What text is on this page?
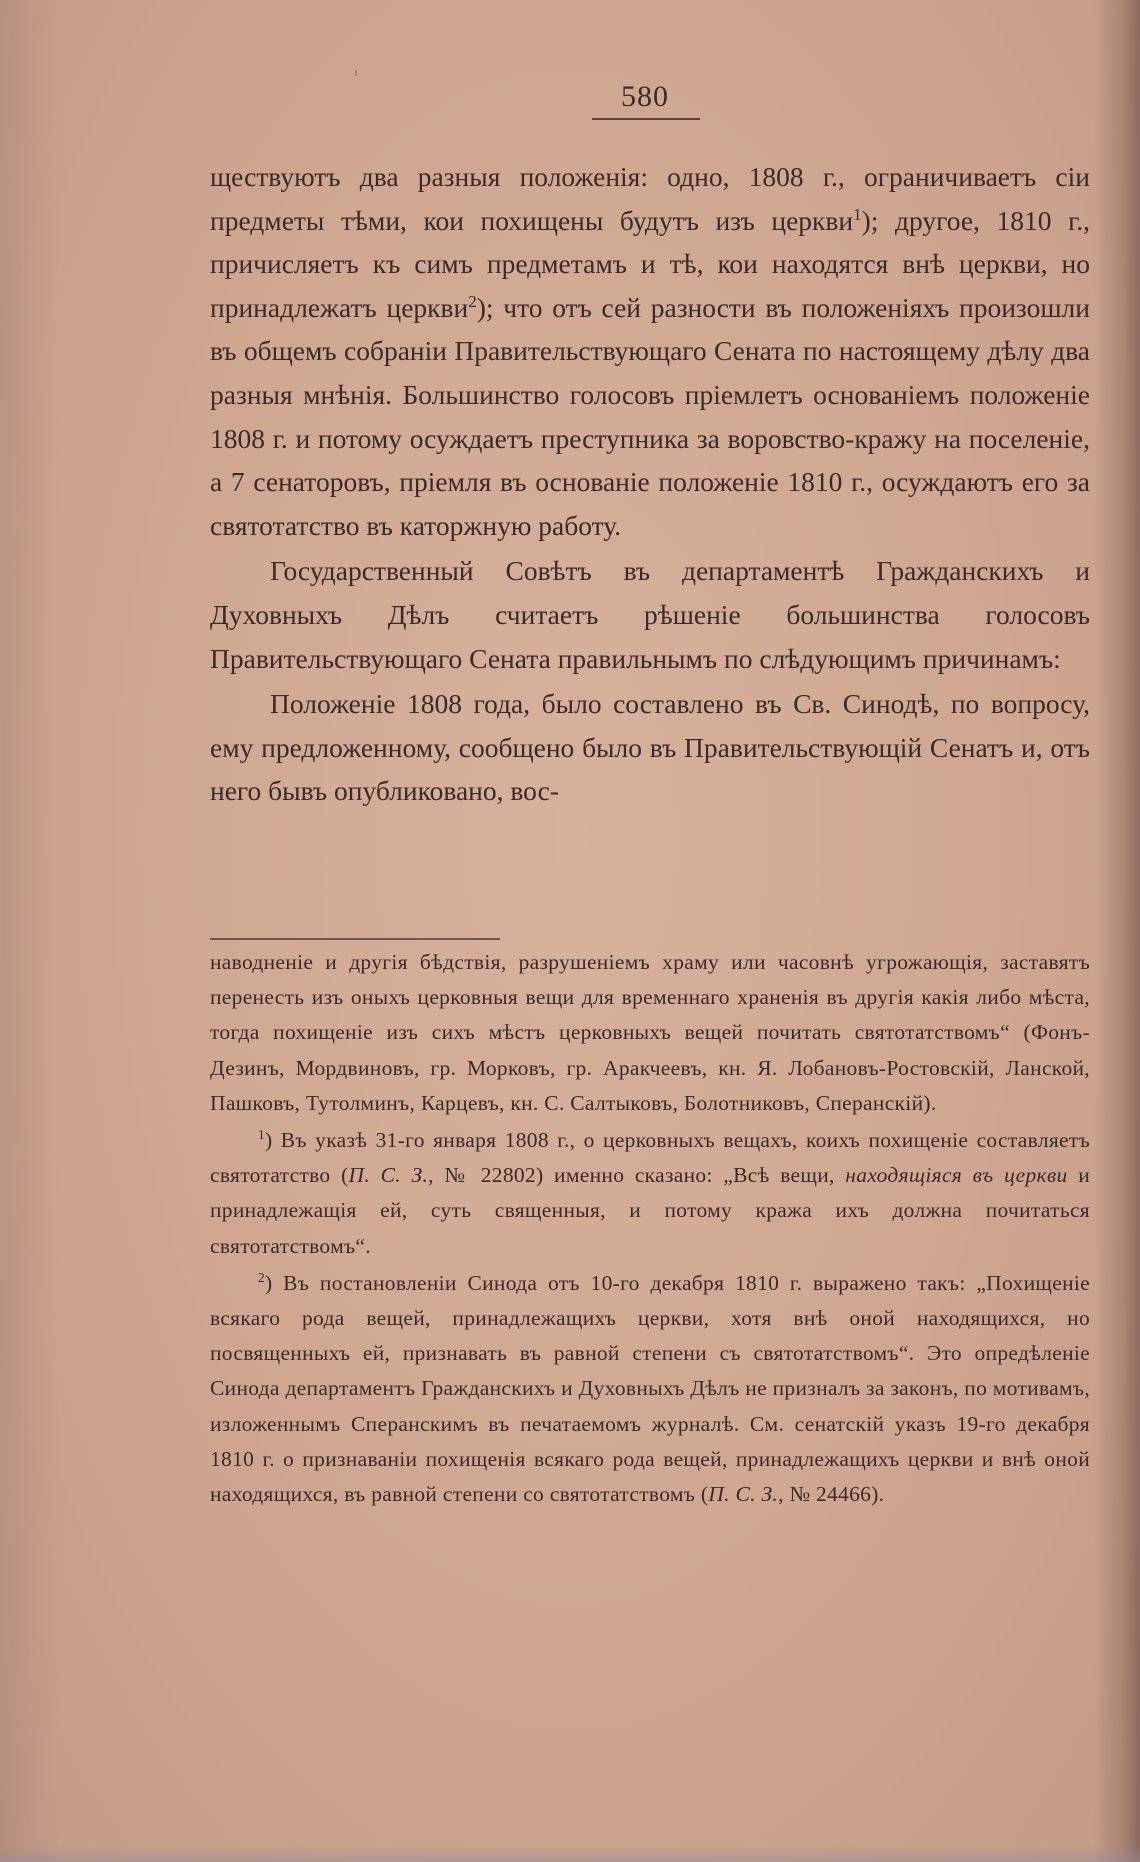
580

ществуютъ два разныя положенія: одно, 1808 г., ограничиваетъ сіи предметы тѣми, кои похищены будутъ изъ церкви$^1$); другое, 1810 г., причисляетъ къ симъ предметамъ и тѣ, кои находятся внѣ церкви, но принадлежатъ церкви$^2$); что отъ сей разности въ положеніяхъ произошли въ общемъ собраніи Правительствующаго Сената по настоящему дѣлу два разныя мнѣнія. Большинство голосовъ пріемлетъ основаніемъ положеніе 1808 г. и потому осуждаетъ преступника за воровство-кражу на поселеніе, а 7 сенаторовъ, пріемля въ основаніе положеніе 1810 г., осуждаютъ его за святотатство въ каторжную работу.

Государственный Совѣтъ въ департаментѣ Гражданскихъ и Духовныхъ Дѣлъ считаетъ рѣшеніе большинства голосовъ Правительствующаго Сената правильнымъ по слѣдующимъ причинамъ:

Положеніе 1808 года, было составлено въ Св. Синодѣ, по вопросу, ему предложенному, сообщено было въ Правительствующій Сенатъ и, отъ него бывъ опубликовано, вос-

наводненіе и другія бѣдствія, разрушеніемъ храму или часовнѣ угрожающія, заставятъ перенесть изъ оныхъ церковныя вещи для временнаго храненія въ другія какія либо мѣста, тогда похищеніе изъ сихъ мѣстъ церковныхъ вещей почитать святотатствомъ“ (Фонъ-Дезинъ, Мордвиновъ, гр. Морковъ, гр. Аракчеевъ, кн. Я. Лобановъ-Ростовскій, Ланской, Пашковъ, Тутолминъ, Карцевъ, кн. С. Салтыковъ, Болотниковъ, Сперанскій).

$^1$) Въ указѣ 31-го января 1808 г., о церковныхъ вещахъ, коихъ похищеніе составляетъ святотатство (П. С. З., № 22802) именно сказано: „Всѣ вещи, находящіяся въ церкви и принадлежащія ей, суть священныя, и потому кража ихъ должна почитаться святотатствомъ“.

$^2$) Въ постановленіи Синода отъ 10-го декабря 1810 г. выражено такъ: „Похищеніе всякаго рода вещей, принадлежащихъ церкви, хотя внѣ оной находящихся, но посвященныхъ ей, признавать въ равной степени съ святотатствомъ“. Это опредѣленіе Синода департаментъ Гражданскихъ и Духовныхъ Дѣлъ не призналъ за законъ, по мотивамъ, изложеннымъ Сперанскимъ въ печатаемомъ журналѣ. См. сенатскій указъ 19-го декабря 1810 г. о признаваніи похищенія всякаго рода вещей, принадлежащихъ церкви и внѣ оной находящихся, въ равной степени со святотатствомъ (П. С. З., № 24466).
